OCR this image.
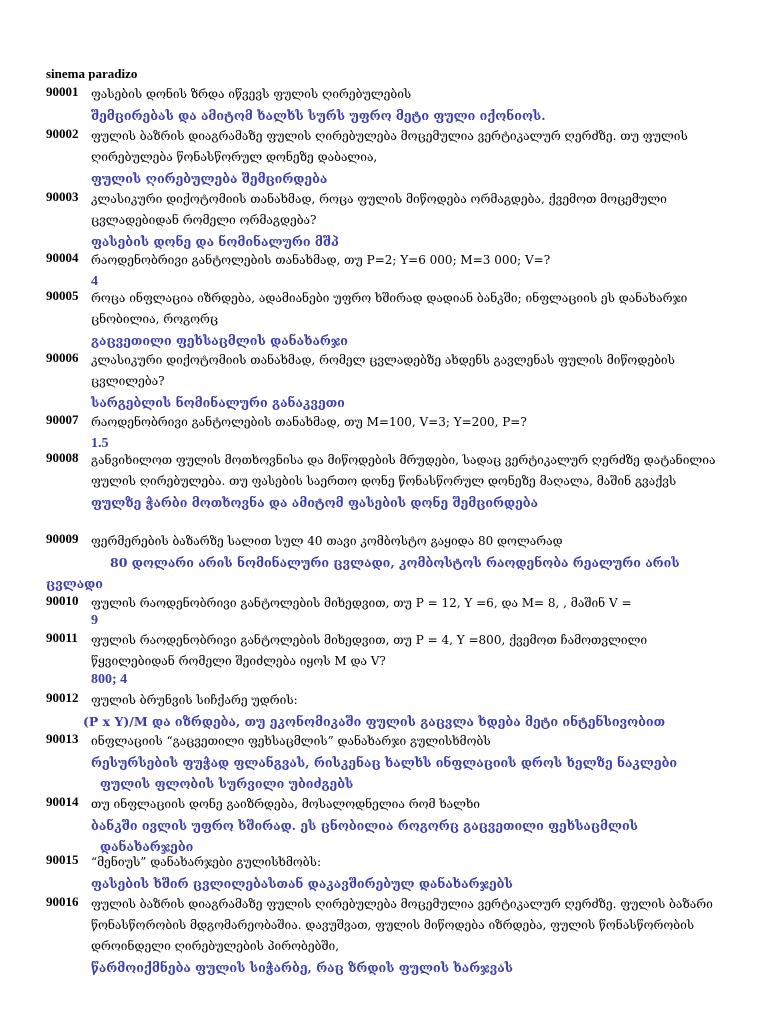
sinema paradizo
90001 ფასების დონის ზრდა იწვევს ფულის ღირებულების
შემცირებას და ამიტომ ხალხს სურს უფრო მეტი ფული იქონიოს.
90002 ფულის ბაზრის დიაგრამაზე ფულის ღირებულება მოცემულია ვერტიკალურ ღერძზე. თუ ფულის ღირებულება წონასწორულ დონეზე დაბალია,
ფულის ღირებულება შემცირდება
90003 კლასიკური დიქოტომიის თანახმად, როცა ფულის მიწოდება ორმაგდება, ქვემოთ მოცემული ცვლადებიდან რომელი ორმაგდება?
ფასების დონე და ნომინალური მშპ
90004 რაოდენობრივი განტოლების თანახმად, თუ P=2; Y=6 000; M=3 000; V=?
4
90005 როცა ინფლაცია იზრდება, ადამიანები უფრო ხშირად დადიან ბანკში; ინფლაციის ეს დანახარჯი ცნობილია, როგორც
გაცვეთილი ფეხსაცმლის დანახარჯი
90006 კლასიკური დიქოტომიის თანახმად, რომელ ცვლადებზე ახდენს გავლენას ფულის მიწოდების ცვლილება?
სარგებლის ნომინალური განაკვეთი
90007 რაოდენობრივი განტოლების თანახმად, თუ M=100, V=3; Y=200, P=?
1.5
90008 განვიხილოთ ფულის მოთხოვნისა და მიწოდების მრუდები, სადაც ვერტიკალურ ღერძზე დატანილია ფულის ღირებულება. თუ ფასების საერთო დონე წონასწორულ დონეზე მაღალა, მაშინ გვაქვს
ფულზე ჭარბი მოთხოვნა და ამიტომ ფასების დონე შემცირდება
90009 ფერმერების ბაზარზე სალით სულ 40 თავი კომბოსტო გაყიდა 80 დოლარად
80 დოლარი არის ნომინალური ცვლადი, კომბოსტოს რაოდენობა რეალური არის
ცვლადი
90010 ფულის რაოდენობრივი განტოლების მიხედვით, თუ P = 12, Y =6, და M= 8, , მაშინ V =
9
90011 ფულის რაოდენობრივი განტოლების მიხედვით, თუ P = 4, Y =800, ქვემოთ ჩამოთვლილი წყვილებიდან რომელი შეიძლება იყოს M და V?
800; 4
90012 ფულის ბრუნვის სიჩქარე უდრის:
(P x Y)/M და იზრდება, თუ ეკონომიკაში ფულის გაცვლა ხდება მეტი ინტენსივობით
90013 ინფლაციის “გაცვეთილი ფეხსაცმლის” დანახარჯი გულისხმობს
რესურსების ფუჭად ფლანგვას, რისკენაც ხალხს ინფლაციის დროს ხელზე ნაკლები
ფულის ფლობის სურვილი უბიძგებს
90014 თუ ინფლაციის დონე გაიზრდება, მოსალოდნელია რომ ხალხი
ბანკში ივლის უფრო ხშირად. ეს ცნობილია როგორც გაცვეთილი ფეხსაცმლის
დანახარჯები
90015 “მენიუს” დანახარჯები გულისხმობს:
ფასების ხშირ ცვლილებასთან დაკავშირებულ დანახარჯებს
90016 ფულის ბაზრის დიაგრამაზე ფულის ღირებულება მოცემულია ვერტიკალურ ღერძზე. ფულის ბაზარი წონასწორობის მდგომარეობაშია. დავუშვათ, ფულის მიწოდება იზრდება, ფულის წონასწორობის დროინდელი ღირებულების პირობებში,
წარმოიქმნება ფულის სიჭარბე, რაც ზრდის ფულის ხარჯვას
